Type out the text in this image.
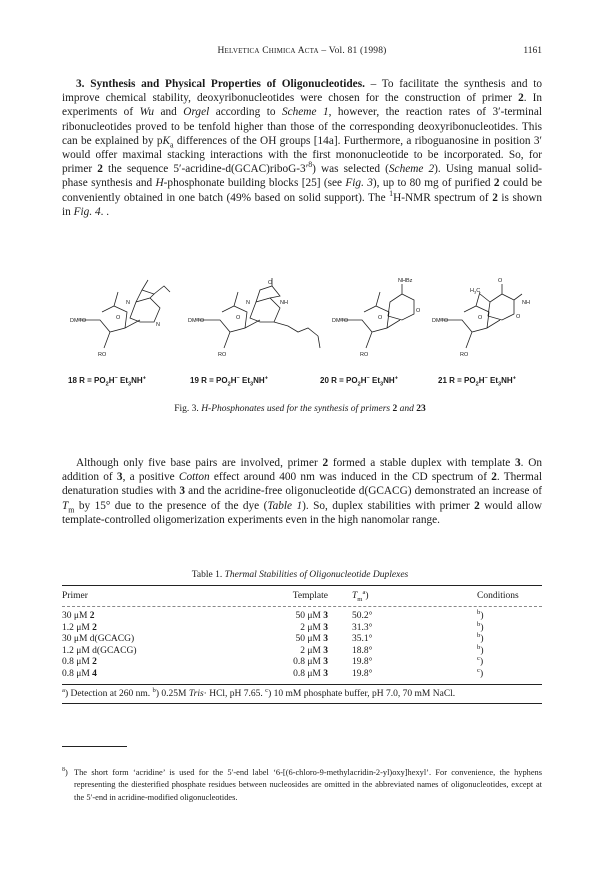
Helvetica Chimica Acta – Vol. 81 (1998)	1161
3. Synthesis and Physical Properties of Oligonucleotides. – To facilitate the synthesis and to improve chemical stability, deoxyribonucleotides were chosen for the construction of primer 2. In experiments of Wu and Orgel according to Scheme 1, however, the reaction rates of 3′-terminal ribonucleotides proved to be tenfold higher than those of the corresponding deoxyribonucleotides. This can be explained by $pK_a$ differences of the OH groups [14a]. Furthermore, a riboguanosine in position 3′ would offer maximal stacking interactions with the first mononucleotide to be incorporated. So, for primer 2 the sequence $5'-acridine-d(GCAC)riboG-3'^8$) was selected (Scheme 2). Using manual solid-phase synthesis and H-phosphonate building blocks [25] (see Fig. 3), up to 80 mg of purified 2 could be conveniently obtained in one batch (49% based on solid support). The $^1$H-NMR spectrum of 2 is shown in Fig. 4. .
DMTO	DMTO	DMTO	DMTO
RO	RO	RO	RO
O	O	O	O
N
N
N
O
NH
NHBz
O
$H_3C$
O
NH
O
18 $R = PO_2H^-$ $Et_3NH^+$	19 $R = PO_2H^-$ $Et_3NH^+$	20 $R = PO_2H^-$ $Et_3NH^+$	21 $R = PO_2H^-$ $Et_3NH^+$
Fig. 3. H-Phosphonates used for the synthesis of primers 2 and 23
Although only five base pairs are involved, primer 2 formed a stable duplex with template 3. On addition of 3, a positive Cotton effect around 400 nm was induced in the CD spectrum of 2. Thermal denaturation studies with 3 and the acridine-free oligonucleotide d(GCACG) demonstrated an increase of $T_m$ by 15° due to the presence of the dye (Table 1). So, duplex stabilities with primer 2 would allow template-controlled oligomerization experiments even in the high nanomolar range.
Table 1. Thermal Stabilities of Oligonucleotide Duplexes
Primer	Template	$T_m^a$)	Conditions
30 μM 2	50 μM 3	50.2°	$^b$)
1.2 μM 2	2 μM 3	31.3°	$^b$)
30 μM d(GCACG)	50 μM 3	35.1°	$^b$)
1.2 μM d(GCACG)	2 μM 3	18.8°	$^b$)
0.8 μM 2	0.8 μM 3	19.8°	$^c$)
0.8 μM 4	0.8 μM 3	19.8°	$^c$)
$^a$) Detection at 260 nm. $^b$) 0.25M Tris· HCl, pH 7.65. $^c$) 10 mM phosphate buffer, pH 7.0, 70 mM NaCl.
$^8$) The short form ‘acridine’ is used for the 5′-end label ‘6-[(6-chloro-9-methylacridin-2-yl)oxy]hexyl’. For convenience, the hyphens representing the diesterified phosphate residues between nucleosides are omitted in the abbreviated names of oligonucleotides, except at the 5′-end in acridine-modified oligonucleotides.
